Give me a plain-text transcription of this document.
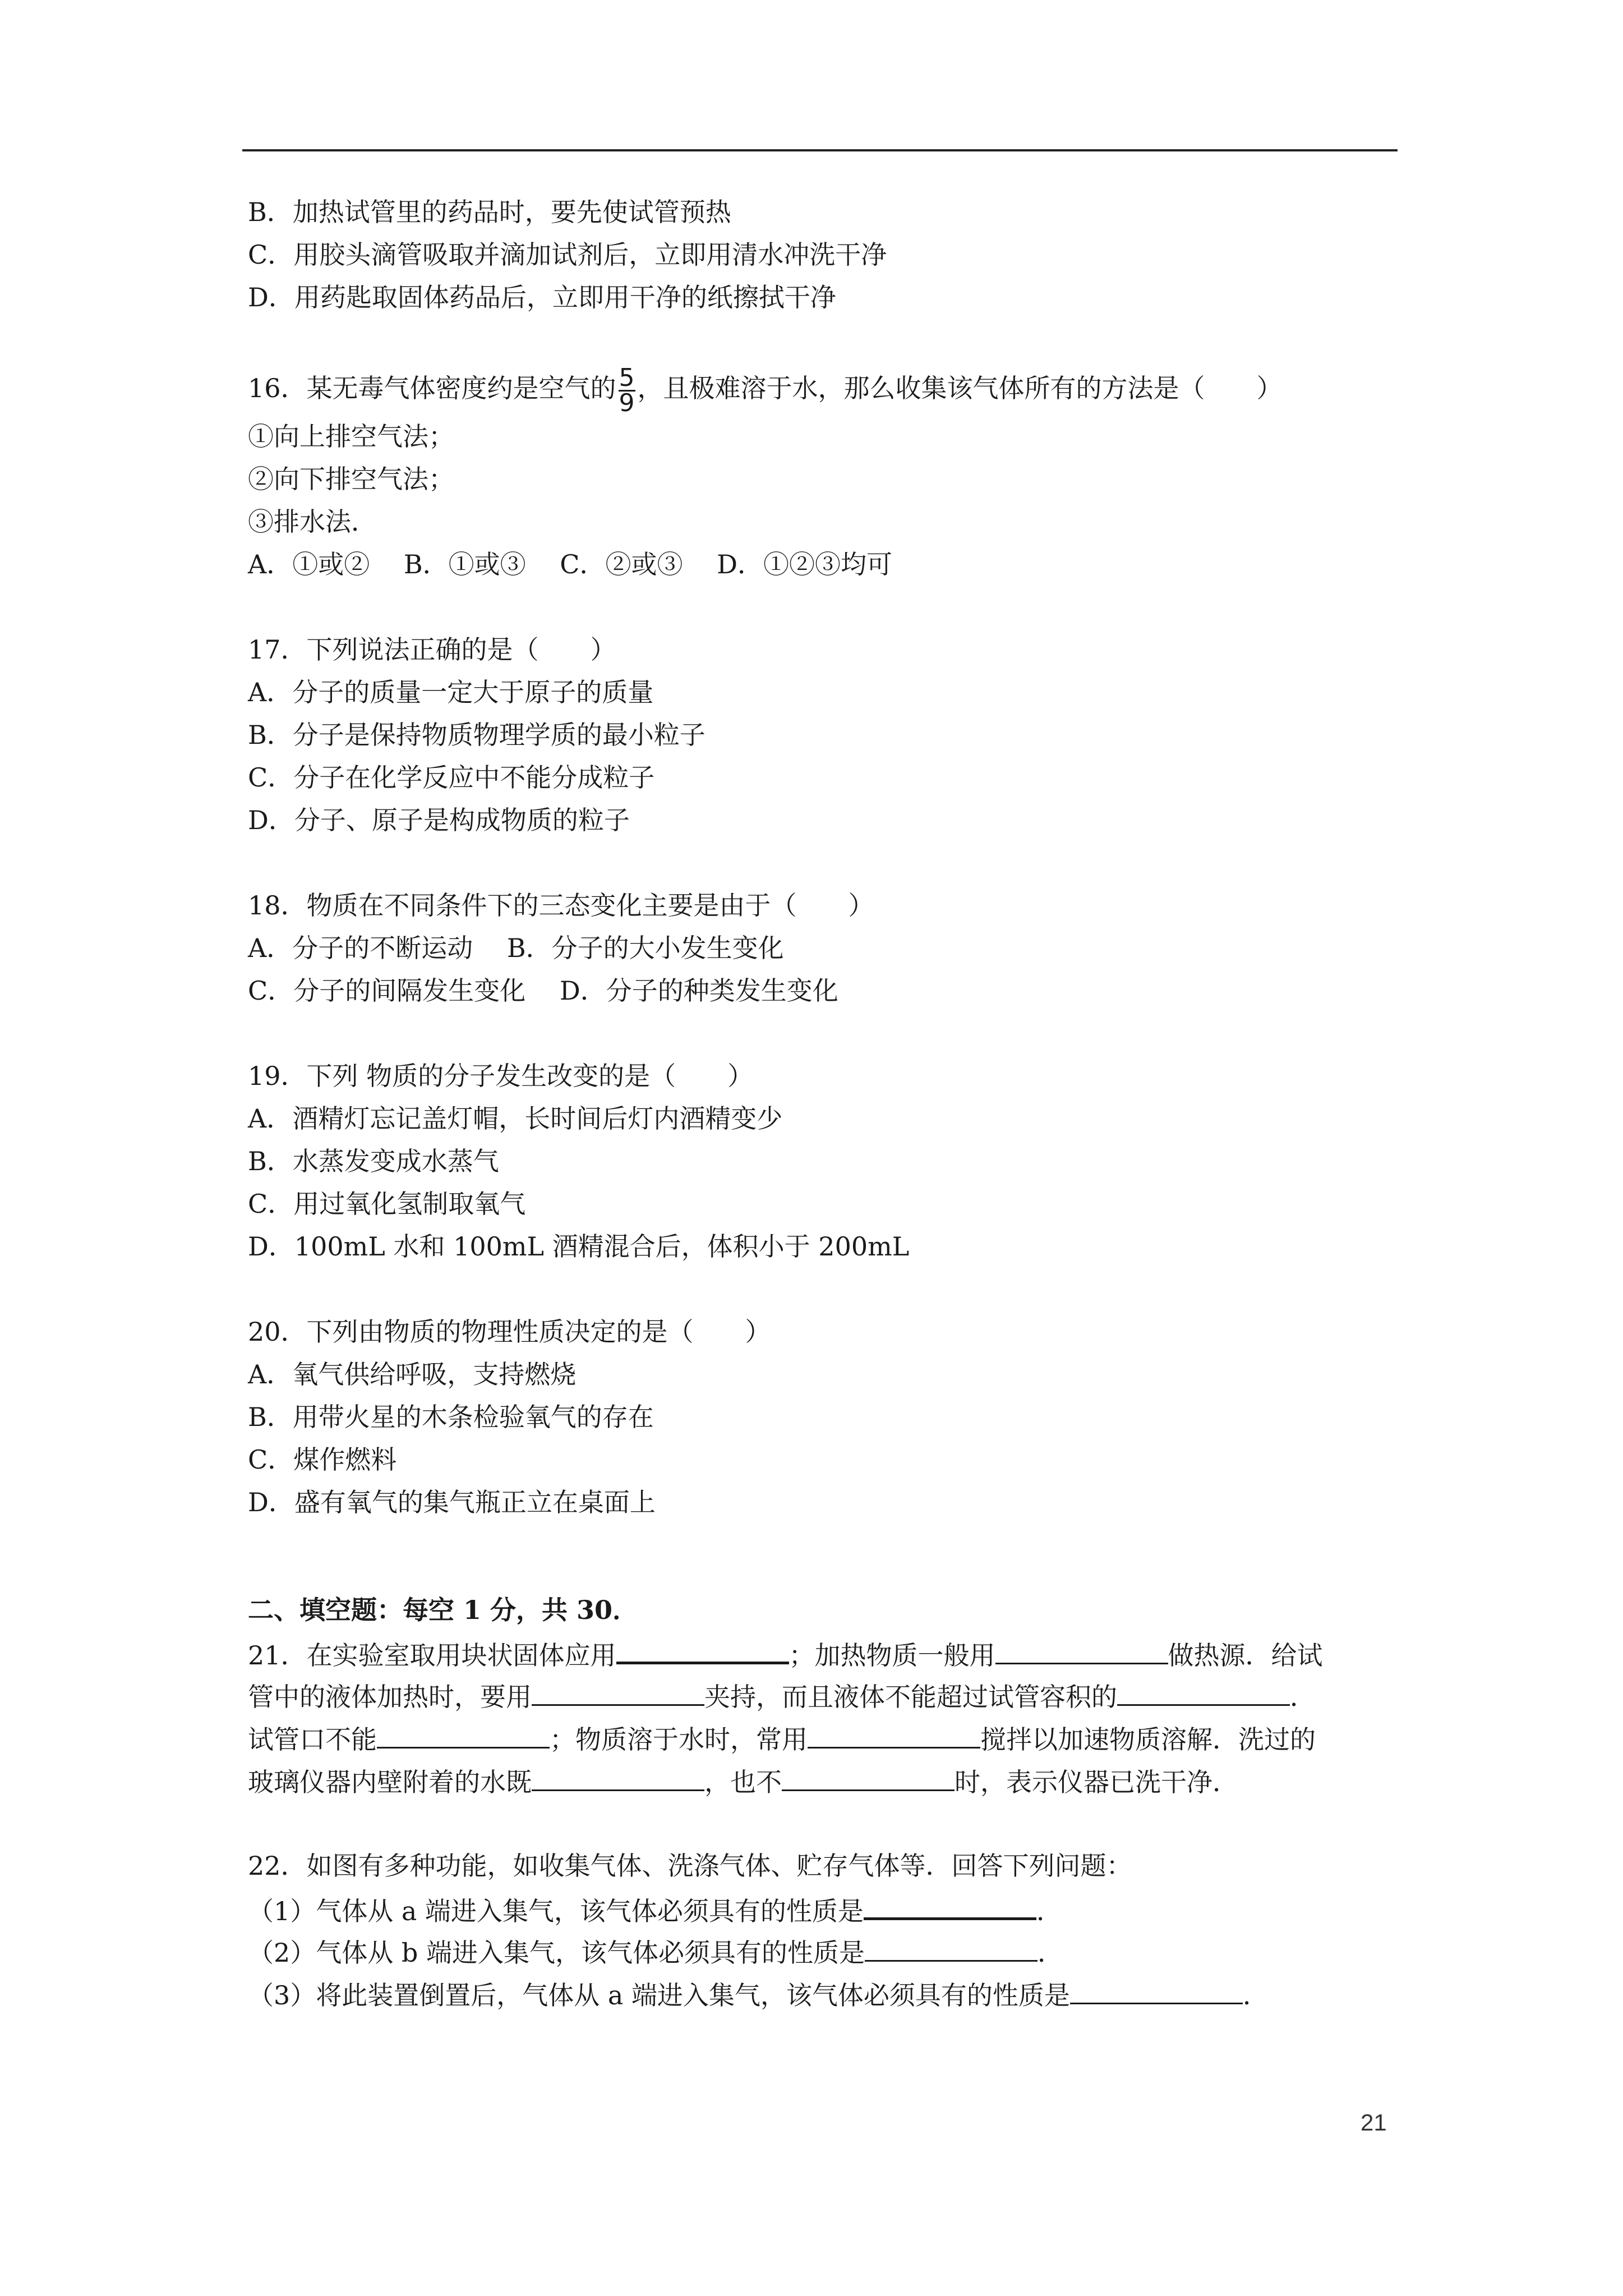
B．加热试管里的药品时，要先使试管预热
C．用胶头滴管吸取并滴加试剂后，立即用清水冲洗干净
D．用药匙取固体药品后，立即用干净的纸擦拭干净
16．某无毒气体密度约是空气的$\frac{5}{9}$，且极难溶于水，那么收集该气体所有的方法是（　　）
①向上排空气法；
②向下排空气法；
③排水法．
A．①或②　 B．①或③　 C．②或③　 D．①②③均可
17．下列说法正确的是（　　）
A．分子的质量一定大于原子的质量
B．分子是保持物质物理学质的最小粒子
C．分子在化学反应中不能分成粒子
D．分子、原子是构成物质的粒子
18．物质在不同条件下的三态变化主要是由于（　　）
A．分子的不断运动　 B．分子的大小发生变化
C．分子的间隔发生变化　 D．分子的种类发生变化
19．下列 物质的分子发生改变的是（　　）
A．酒精灯忘记盖灯帽，长时间后灯内酒精变少
B．水蒸发变成水蒸气
C．用过氧化氢制取氧气
D．100mL 水和 100mL 酒精混合后，体积小于 200mL
20．下列由物质的物理性质决定的是（　　）
A．氧气供给呼吸，支持燃烧
B．用带火星的木条检验氧气的存在
C．煤作燃料
D．盛有氧气的集气瓶正立在桌面上
二、填空题：每空 1 分，共 30．
21．在实验室取用块状固体应用	；加热物质一般用	做热源．给试
管中的液体加热时，要用	夹持，而且液体不能超过试管容积的	．
试管口不能	；物质溶于水时，常用	搅拌以加速物质溶解．洗过的
玻璃仪器内壁附着的水既	，也不	时，表示仪器已洗干净．
22．如图有多种功能，如收集气体、洗涤气体、贮存气体等．回答下列问题：
（1）气体从 a 端进入集气，该气体必须具有的性质是	．
（2）气体从 b 端进入集气，该气体必须具有的性质是	．
（3）将此装置倒置后，气体从 a 端进入集气，该气体必须具有的性质是	．
21
